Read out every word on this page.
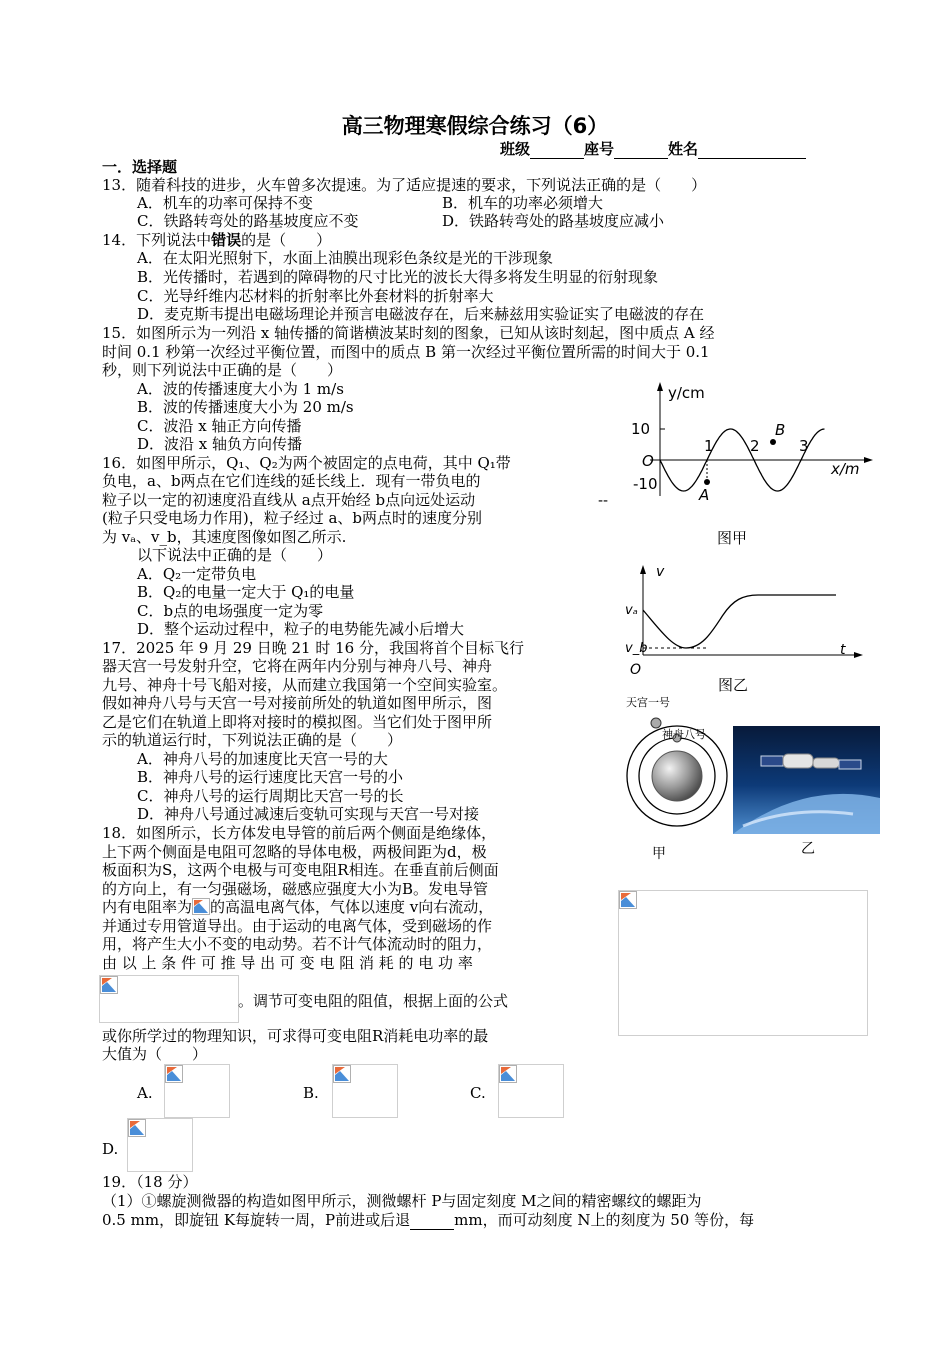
高三物理寒假综合练习（6）
班级	座号	姓名
一．选择题
13．随着科技的进步，火车曾多次提速。为了适应提速的要求，下列说法正确的是（　　）
A．机车的功率可保持不变	B．机车的功率必须增大
C．铁路转弯处的路基坡度应不变	D．铁路转弯处的路基坡度应减小
14．下列说法中错误的是（　　）
A．在太阳光照射下，水面上油膜出现彩色条纹是光的干涉现象
B．光传播时，若遇到的障碍物的尺寸比光的波长大得多将发生明显的衍射现象
C．光导纤维内芯材料的折射率比外套材料的折射率大
D．麦克斯韦提出电磁场理论并预言电磁波存在，后来赫兹用实验证实了电磁波的存在
15．如图所示为一列沿 x 轴传播的简谐横波某时刻的图象，已知从该时刻起，图中质点 A 经
时间 0.1 秒第一次经过平衡位置，而图中的质点 B 第一次经过平衡位置所需的时间大于 0.1
秒，则下列说法中正确的是（　　）
A．波的传播速度大小为 1 m/s
B．波的传播速度大小为 20 m/s
C．波沿 x 轴正方向传播
D．波沿 x 轴负方向传播
16．如图甲所示，Q₁、Q₂为两个被固定的点电荷，其中 Q₁带
负电，a、b两点在它们连线的延长线上．现有一带负电的
粒子以一定的初速度沿直线从 a点开始经 b点向远处运动
(粒子只受电场力作用)，粒子经过 a、b两点时的速度分别
为 vₐ、v_b，其速度图像如图乙所示.
以下说法中正确的是（　　）
A．Q₂一定带负电
B．Q₂的电量一定大于 Q₁的电量
C．b点的电场强度一定为零
D．整个运动过程中，粒子的电势能先减小后增大
17．2025 年 9 月 29 日晚 21 时 16 分，我国将首个目标飞行
器天宫一号发射升空，它将在两年内分别与神舟八号、神舟
九号、神舟十号飞船对接，从而建立我国第一个空间实验室。
假如神舟八号与天宫一号对接前所处的轨道如图甲所示，图
乙是它们在轨道上即将对接时的模拟图。当它们处于图甲所
示的轨道运行时，下列说法正确的是（　　）
A．神舟八号的加速度比天宫一号的大
B．神舟八号的运行速度比天宫一号的小
C．神舟八号的运行周期比天宫一号的长
D．神舟八号通过减速后变轨可实现与天宫一号对接
18．如图所示，长方体发电导管的前后两个侧面是绝缘体，
上下两个侧面是电阻可忽略的导体电极，两极间距为d，极
板面积为S，这两个电极与可变电阻R相连。在垂直前后侧面
的方向上，有一匀强磁场，磁感应强度大小为B。发电导管
内有电阻率为 的高温电离气体，气体以速度 v向右流动，
并通过专用管道导出。由于运动的电离气体，受到磁场的作
用，将产生大小不变的电动势。若不计气体流动时的阻力，
由 以 上 条 件 可 推 导 出 可 变 电 阻 消 耗 的 电 功 率
。调节可变电阻的阻值，根据上面的公式
或你所学过的物理知识，可求得可变电阻R消耗电功率的最
大值为（　　）
A.	B.	C.
D.
19．（18 分）
（1）①螺旋测微器的构造如图甲所示，测微螺杆 P与固定刻度 M之间的精密螺纹的螺距为
0.5 mm，即旋钮 K每旋转一周，P前进或后退	mm，而可动刻度 N上的刻度为 50 等份，每
y/cm
10
-10
O
1 2	3
x/m
A
B
--
图甲
v
t
vₐ
v_b
O
图乙
天宫一号
神舟八号
甲	乙
